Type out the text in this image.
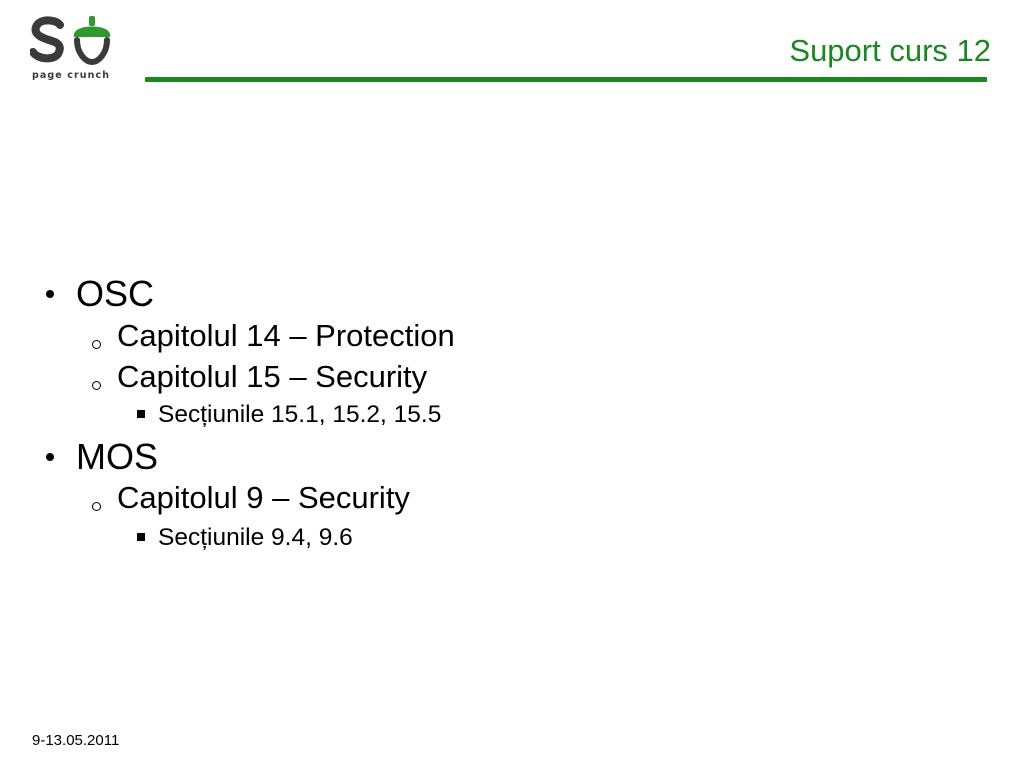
page crunch
Suport curs 12
OSC
Capitolul 14 – Protection
Capitolul 15 – Security
Secțiunile 15.1, 15.2, 15.5
MOS
Capitolul 9 – Security
Secțiunile 9.4, 9.6
9-13.05.2011
